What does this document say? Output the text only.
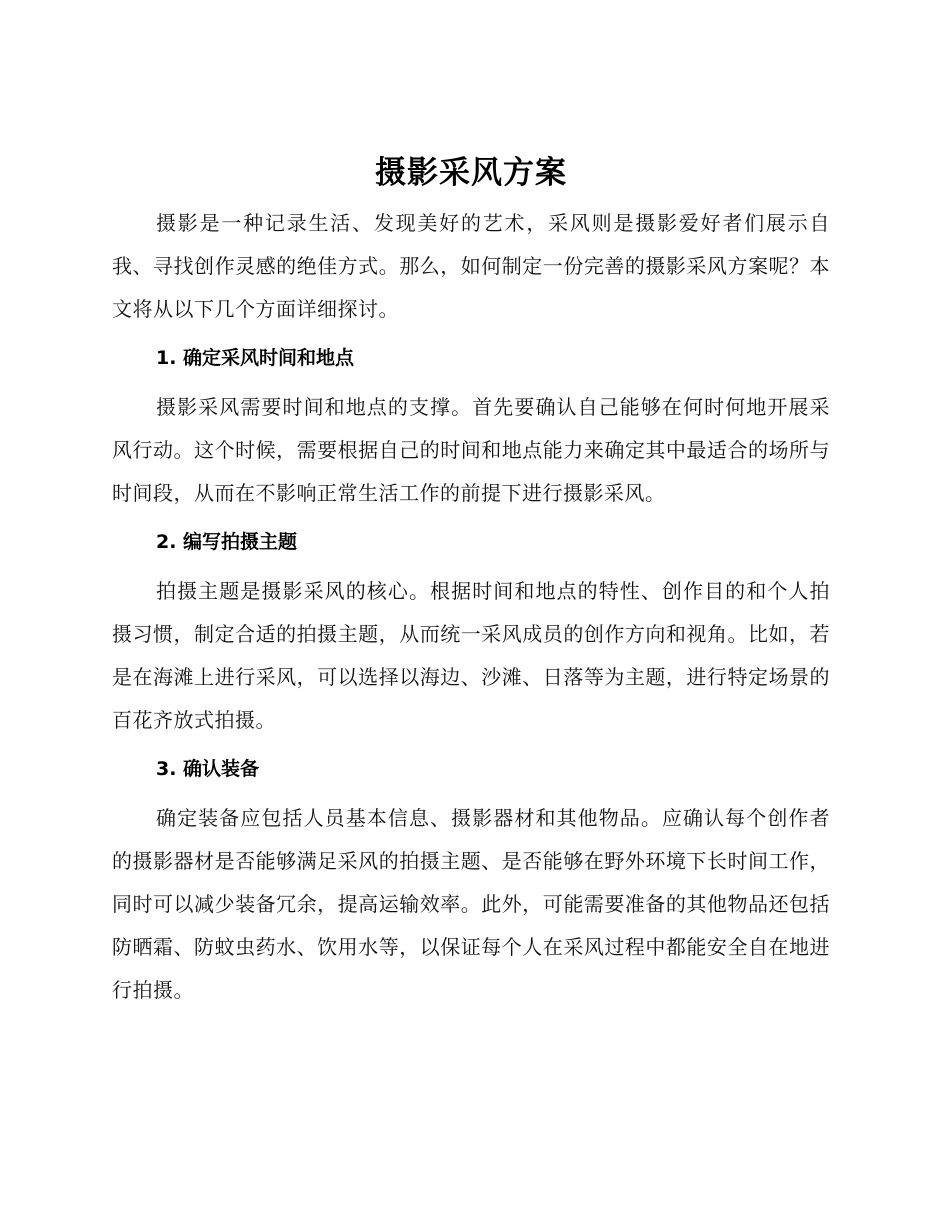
摄影采风方案

摄影是一种记录生活、发现美好的艺术，采风则是摄影爱好者们展示自我、寻找创作灵感的绝佳方式。那么，如何制定一份完善的摄影采风方案呢？本文将从以下几个方面详细探讨。

1. 确定采风时间和地点

摄影采风需要时间和地点的支撑。首先要确认自己能够在何时何地开展采风行动。这个时候，需要根据自己的时间和地点能力来确定其中最适合的场所与时间段，从而在不影响正常生活工作的前提下进行摄影采风。

2. 编写拍摄主题

拍摄主题是摄影采风的核心。根据时间和地点的特性、创作目的和个人拍摄习惯，制定合适的拍摄主题，从而统一采风成员的创作方向和视角。比如，若是在海滩上进行采风，可以选择以海边、沙滩、日落等为主题，进行特定场景的百花齐放式拍摄。

3. 确认装备

确定装备应包括人员基本信息、摄影器材和其他物品。应确认每个创作者的摄影器材是否能够满足采风的拍摄主题、是否能够在野外环境下长时间工作，同时可以减少装备冗余，提高运输效率。此外，可能需要准备的其他物品还包括防晒霜、防蚊虫药水、饮用水等，以保证每个人在采风过程中都能安全自在地进行拍摄。
